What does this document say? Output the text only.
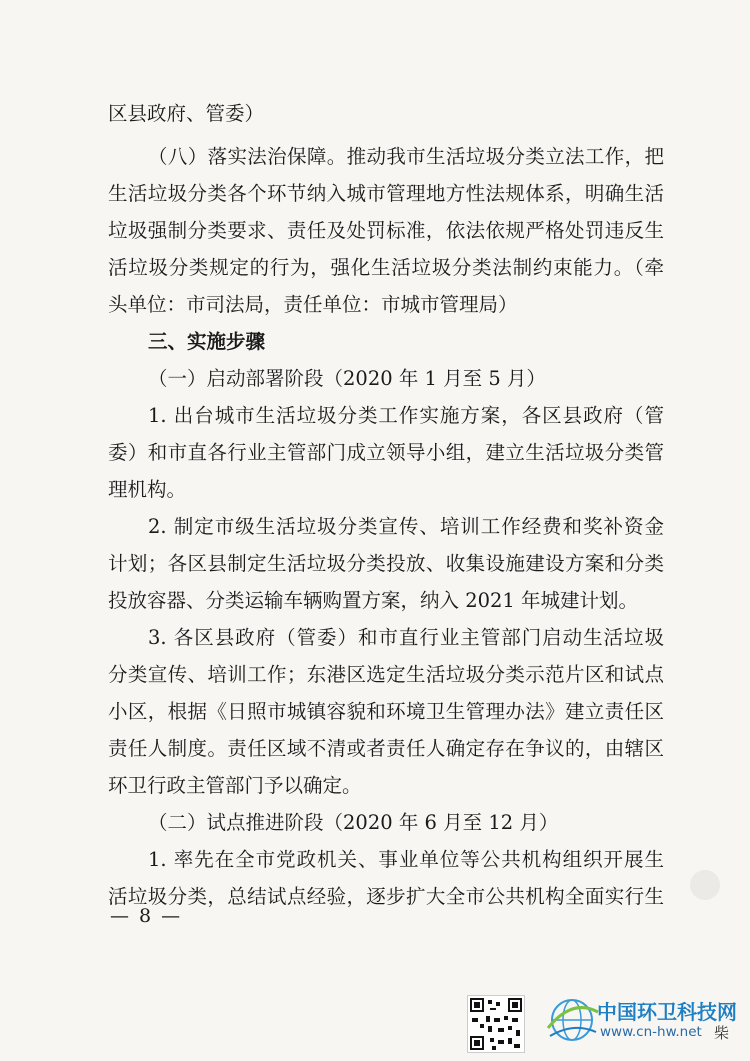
区县政府、管委）
（八）落实法治保障。推动我市生活垃圾分类立法工作，把
生活垃圾分类各个环节纳入城市管理地方性法规体系，明确生活
垃圾强制分类要求、责任及处罚标准，依法依规严格处罚违反生
活垃圾分类规定的行为，强化生活垃圾分类法制约束能力。（牵
头单位：市司法局，责任单位：市城市管理局）
三、实施步骤
（一）启动部署阶段（2020 年 1 月至 5 月）
1. 出台城市生活垃圾分类工作实施方案，各区县政府（管
委）和市直各行业主管部门成立领导小组，建立生活垃圾分类管
理机构。
2. 制定市级生活垃圾分类宣传、培训工作经费和奖补资金
计划；各区县制定生活垃圾分类投放、收集设施建设方案和分类
投放容器、分类运输车辆购置方案，纳入 2021 年城建计划。
3. 各区县政府（管委）和市直行业主管部门启动生活垃圾
分类宣传、培训工作；东港区选定生活垃圾分类示范片区和试点
小区，根据《日照市城镇容貌和环境卫生管理办法》建立责任区
责任人制度。责任区域不清或者责任人确定存在争议的，由辖区
环卫行政主管部门予以确定。
（二）试点推进阶段（2020 年 6 月至 12 月）
1. 率先在全市党政机关、事业单位等公共机构组织开展生
活垃圾分类，总结试点经验，逐步扩大全市公共机构全面实行生
— 8 —
中国环卫科技网
www.cn-hw.net 柴
